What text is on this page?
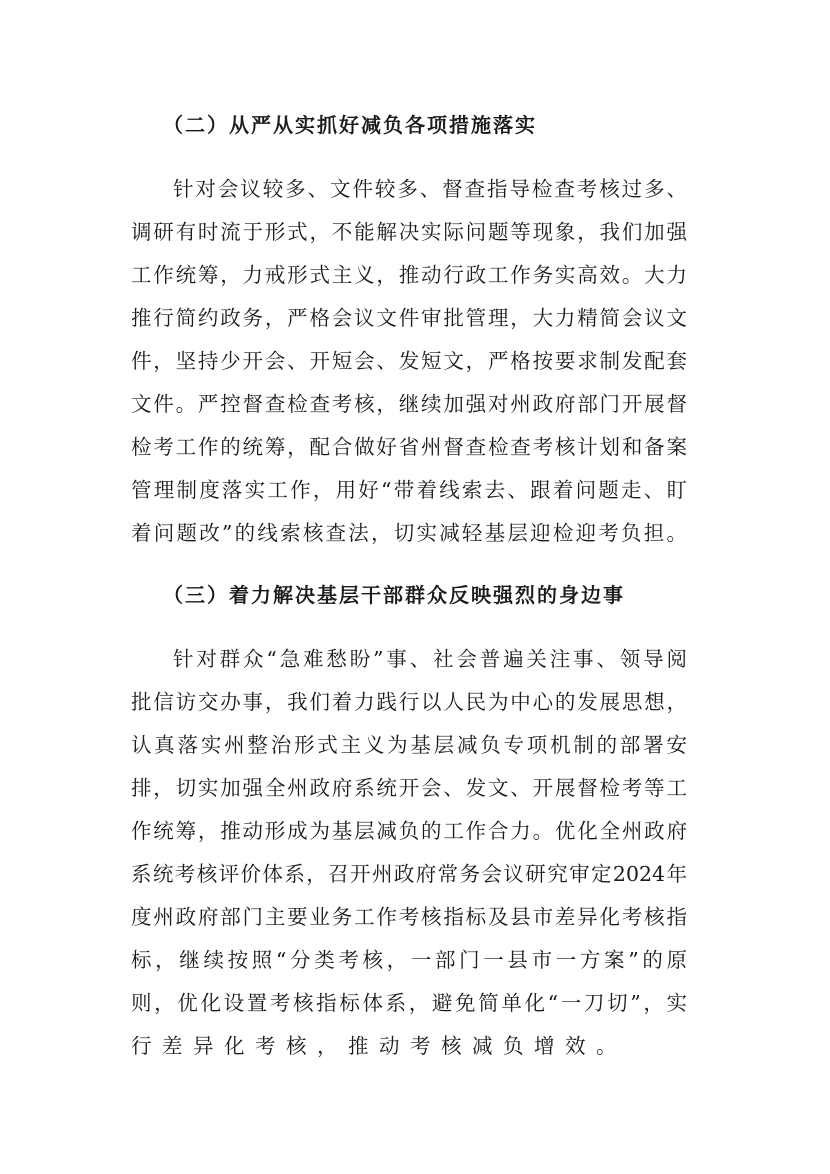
（二）从严从实抓好减负各项措施落实
针对会议较多、文件较多、督查指导检查考核过多、
调研有时流于形式，不能解决实际问题等现象，我们加强
工作统筹，力戒形式主义，推动行政工作务实高效。大力
推行简约政务，严格会议文件审批管理，大力精简会议文
件，坚持少开会、开短会、发短文，严格按要求制发配套
文件。严控督查检查考核，继续加强对州政府部门开展督
检考工作的统筹，配合做好省州督查检查考核计划和备案
管理制度落实工作，用好“带着线索去、跟着问题走、盯
着问题改”的线索核查法，切实减轻基层迎检迎考负担。
（三）着力解决基层干部群众反映强烈的身边事
针对群众“急难愁盼”事、社会普遍关注事、领导阅
批信访交办事，我们着力践行以人民为中心的发展思想，
认真落实州整治形式主义为基层减负专项机制的部署安
排，切实加强全州政府系统开会、发文、开展督检考等工
作统筹，推动形成为基层减负的工作合力。优化全州政府
系统考核评价体系，召开州政府常务会议研究审定2024年
度州政府部门主要业务工作考核指标及县市差异化考核指
标，继续按照“分类考核，一部门一县市一方案”的原
则，优化设置考核指标体系，避免简单化“一刀切”，实
行差异化考核，推动考核减负增效。
